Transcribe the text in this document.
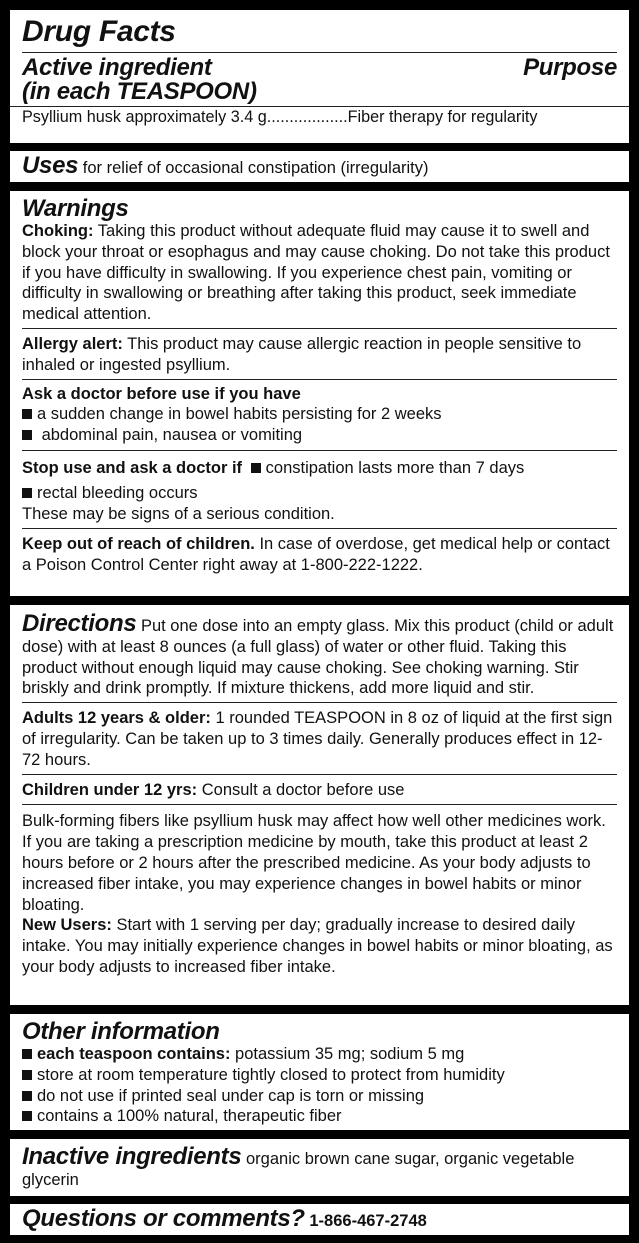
Drug Facts
Active ingredient	Purpose
(in each TEASPOON)
Psyllium husk approximately 3.4 g..................Fiber therapy for regularity

Uses for relief of occasional constipation (irregularity)

Warnings

Choking: Taking this product without adequate fluid may cause it to swell and block your throat or esophagus and may cause choking. Do not take this product if you have difficulty in swallowing. If you experience chest pain, vomiting or difficulty in swallowing or breathing after taking this product, seek immediate medical attention.

Allergy alert: This product may cause allergic reaction in people sensitive to inhaled or ingested psyllium.

Ask a doctor before use if you have

a sudden change in bowel habits persisting for 2 weeks

abdominal pain, nausea or vomiting

Stop use and ask a doctor if constipation lasts more than 7 days

rectal bleeding occurs

These may be signs of a serious condition.

Keep out of reach of children. In case of overdose, get medical help or contact a Poison Control Center right away at 1-800-222-1222.

Directions Put one dose into an empty glass. Mix this product (child or adult dose) with at least 8 ounces (a full glass) of water or other fluid. Taking this product without enough liquid may cause choking. See choking warning. Stir briskly and drink promptly. If mixture thickens, add more liquid and stir.

Adults 12 years & older: 1 rounded TEASPOON in 8 oz of liquid at the first sign of irregularity. Can be taken up to 3 times daily. Generally produces effect in 12-72 hours.

Children under 12 yrs: Consult a doctor before use

Bulk-forming fibers like psyllium husk may affect how well other medicines work. If you are taking a prescription medicine by mouth, take this product at least 2 hours before or 2 hours after the prescribed medicine. As your body adjusts to increased fiber intake, you may experience changes in bowel habits or minor bloating.

New Users: Start with 1 serving per day; gradually increase to desired daily intake. You may initially experience changes in bowel habits or minor bloating, as your body adjusts to increased fiber intake.

Other information

each teaspoon contains: potassium 35 mg; sodium 5 mg

store at room temperature tightly closed to protect from humidity

do not use if printed seal under cap is torn or missing

contains a 100% natural, therapeutic fiber

Inactive ingredients organic brown cane sugar, organic vegetable glycerin

Questions or comments? 1-866-467-2748
